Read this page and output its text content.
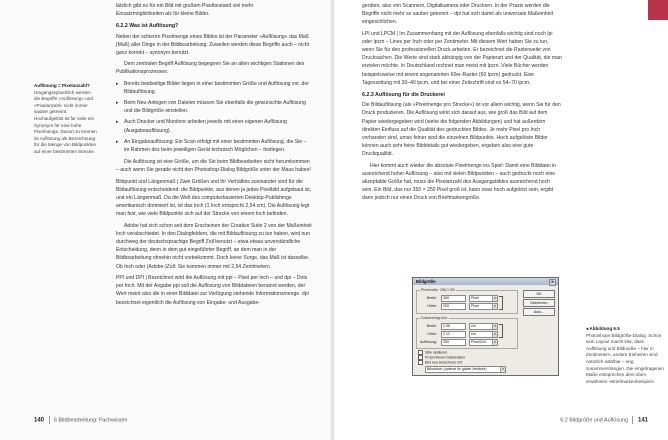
Auflösung = Pixelanzahl?
Umgangssprachlich werden die Begriffe »Auflösung« und »Pixelanzahl« nicht immer sauber getrennt. Hochaufgelöst ist für viele ein Synonym für eine hohe Pixelmenge. Davon zu trennen ist Auflösung als Bezeichnung für die Menge von Bildpunkten auf einer bestimmten Strecke.
lätzlich gibt es für ein Bild mit großem Pixelbestand viel mehr
Einsatzmöglichkeiten als für kleine Bilder.
6.2.2 Was ist Auflösung?

Neben der schieren Pixelmenge eines Bildes ist der Parameter »Auflösung« das Maß (Maß) aller Dinge in der Bildbearbeitung. Zuweilen werden diese Begriffe auch – nicht ganz korrekt – synonym benutzt.

Dem zentralen Begriff Auflösung begegnen Sie an allen wichtigen Stationen des Publikationsprozesses:

▸ Bereits beidseitige Bilder liegen in einer bestimmten Größe und Auflösung vor, der Bildauflösung.

▸ Beim Neu-Anlegen von Dateien müssen Sie ebenfalls die gewünschte Auflösung und die Bildgröße einstellen.

▸ Auch Drucker und Monitore arbeiten jeweils mit einer eigenen Auflösung (Ausgabeauflösung).

▸ An Eingabeauflösung: Ein Scan erfolgt mit einer bestimmten Auflösung, die Sie – im Rahmen des beim jeweiligen Gerät technisch Möglichen – festlegen.

Die Auflösung ist eine Größe, um die Sie beim Bildbearbeiten nicht herumkommen – auch wenn Sie gerade nicht den Photoshop-Dialog Bildgröße unter der Maus haben!

Bildpunkt und Längenmaß | Zwei Größen und ihr Verhältnis zueinander sind für die Bildauflösung entscheidend: die Bildpunkte, aus denen ja jedes Pixelbild aufgebaut ist, und ein Längenmaß. Da die Welt des computerbasierten Desktop-Publishings amerikanisch dominiert ist, ist das Inch (1 Inch entspricht 2,54 cm). Die Auflösung legt man fest, wie viele Bildpunkte sich auf der Strecke von einem Inch befinden.

Adobe hat sich schon seit dem Erscheinen der Creative Suite 2 von der Maßeinheit Inch verabschiedet. In den Dialogfeldern, die mit Bildauflösung zu tun haben, wird nun durchweg der deutschsprachige Begriff Zoll benutzt – etwa etwas unverständliche Entscheidung, denn in dem gut eingeführter Begriff, an dem man in der Bildbearbeitung ohnehin nicht vorbeikommt. Doch keine Sorge, das Maß ist dasselbe. Ob Inch oder (Adobe-)Zoll: Sie kommen immer mit 2,54 Zentimetern.

PPI und DPI | Bezeichnet wird die Auflösung mit ppi – Pixel per inch – und dpi – Dots per Inch. Mit der Angabe ppi soll die Auflösung von Bilddateien benannt werden, der Wert meint also die in einer Bilddatei zur Verfügung stehende Informationsmenge. dpi bezeichnet eigentlich die Auflösung von Eingabe- und Ausgabe-

140 6 Bildbearbeitung: Fachwissen

geräten, also von Scannern, Digitalkamera oder Druckern. In der Praxis werden die Begriffe nicht mehr so sauber getrennt – dpi hat sich damit als universale Maßeinheit eingeschlichen.

LPI und LPCM | Im Zusammenhang mit der Auflösung ebenfalls wichtig sind noch lpi oder lpcm – Lines per Inch oder per Zentimeter. Mit diesem Wert haben Sie zu tun, wenn Sie für den professionellen Druck arbeiten. Er bezeichnet die Rasterweite von Drucksachen. Die Werte sind stark abhängig von der Papierart und der Qualität, die man erzielen möchte. In Deutschland rechnet man meist mit lpcm. Viele Bücher werden beispielsweise mit einem sogenannten 60er-Raster (60 lpcm) gedruckt. Eine Tageszeitung mit 30–40 lpcm, und bei einer Zeitschrift sind es 54–70 lpcm.

6.2.3 Auflösung für die Druckerei

Die Bildauflösung (als »Pixelmenge pro Strecke«) ist vor allem wichtig, wenn Sie für den Druck produzieren. Die Auflösung wirkt sich darauf aus, wie groß das Bild auf dem Papier wiedergegeben wird (siehe die folgenden Abbildungen) und hat außerdem direkten Einfluss auf die Qualität des gedruckten Bildes. Je mehr Pixel pro Inch vorhanden sind, umso feiner sind die einzelnen Bildpunkte. Hoch aufgelöste Bilder können auch sehr feine Bilddetails gut wiedergeben, ergeben also eine gute Druckqualität.

Hier kommt auch wieder die absolute Pixelmenge ins Spiel: Damit eine Bilddatei in ausreichend hoher Auflösung – also mit vielen Bildpunkten – auch gedruckt noch eine akzeptable Größe hat, muss die Pixelanzahl des Ausgangsbildes ausreichend hoch sein. Ein Bild, das nur 350 × 250 Pixel groß ist, kann zwar hoch aufgelöst sein, ergibt dann jedoch nur einen Druck von Briefmarkengröße.

Bildgröße	✕
Pixelmaße: 256,1 KB
Breite:	350	Pixel	▾
Höhe:	250	Pixel	▾
Dokumentgröße:
Breite:	2,96	cm	▾
Höhe:	2,12	cm	▾
Auflösung:	300	Pixel/Zoll	▾
OK
Abbrechen
Auto...
Stile skalieren
Proportionen beibehalten
Bild neu berechnen mit:
Bikubisch (optimal für glatte Verläufe)	▾
◂ Abbildung 6.5
Photoshops Bildgröße-Dialog. Schon sein Layout macht klar, dass Auflösung und Bildmaße – hier in Zentimetern, andere Einheiten sind natürlich wählbar – eng zusammenhängen. Die eingetragenen Maße entsprechen dem oben erwähnten »Briefmarkenbeispiel«.
6.2 Bildgröße und Auflösung 141
